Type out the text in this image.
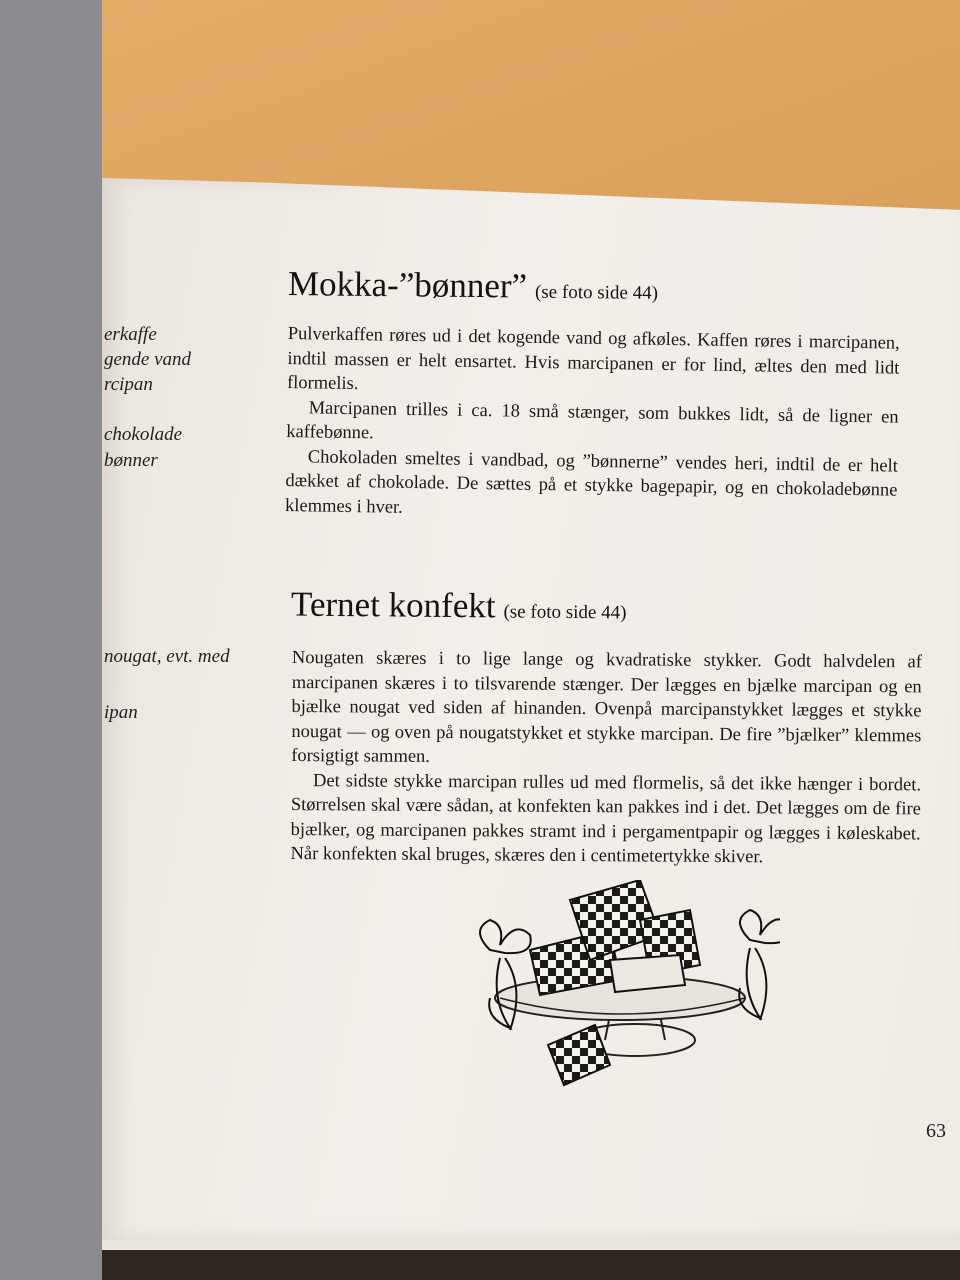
erkaffe
gende vand
rcipan
chokolade
bønner
nougat, evt. med
ipan
Mokka-”bønner” (se foto side 44)

Pulverkaffen røres ud i det kogende vand og afkøles. Kaffen røres i marcipanen, indtil massen er helt ensartet. Hvis marcipanen er for lind, æltes den med lidt flormelis.

Marcipanen trilles i ca. 18 små stænger, som bukkes lidt, så de ligner en kaffebønne.

Chokoladen smeltes i vandbad, og ”bønnerne” vendes heri, indtil de er helt dækket af chokolade. De sættes på et stykke bagepapir, og en chokoladebønne klemmes i hver.

Ternet konfekt (se foto side 44)

Nougaten skæres i to lige lange og kvadratiske stykker. Godt halvdelen af marcipanen skæres i to tilsvarende stænger. Der lægges en bjælke marcipan og en bjælke nougat ved siden af hinanden. Ovenpå marcipanstykket lægges et stykke nougat — og oven på nougatstykket et stykke marcipan. De fire ”bjælker” klemmes forsigtigt sammen.

Det sidste stykke marcipan rulles ud med flormelis, så det ikke hænger i bordet. Størrelsen skal være sådan, at konfekten kan pakkes ind i det. Det lægges om de fire bjælker, og marcipanen pakkes stramt ind i pergamentpapir og lægges i køleskabet. Når konfekten skal bruges, skæres den i centimetertykke skiver.

63
